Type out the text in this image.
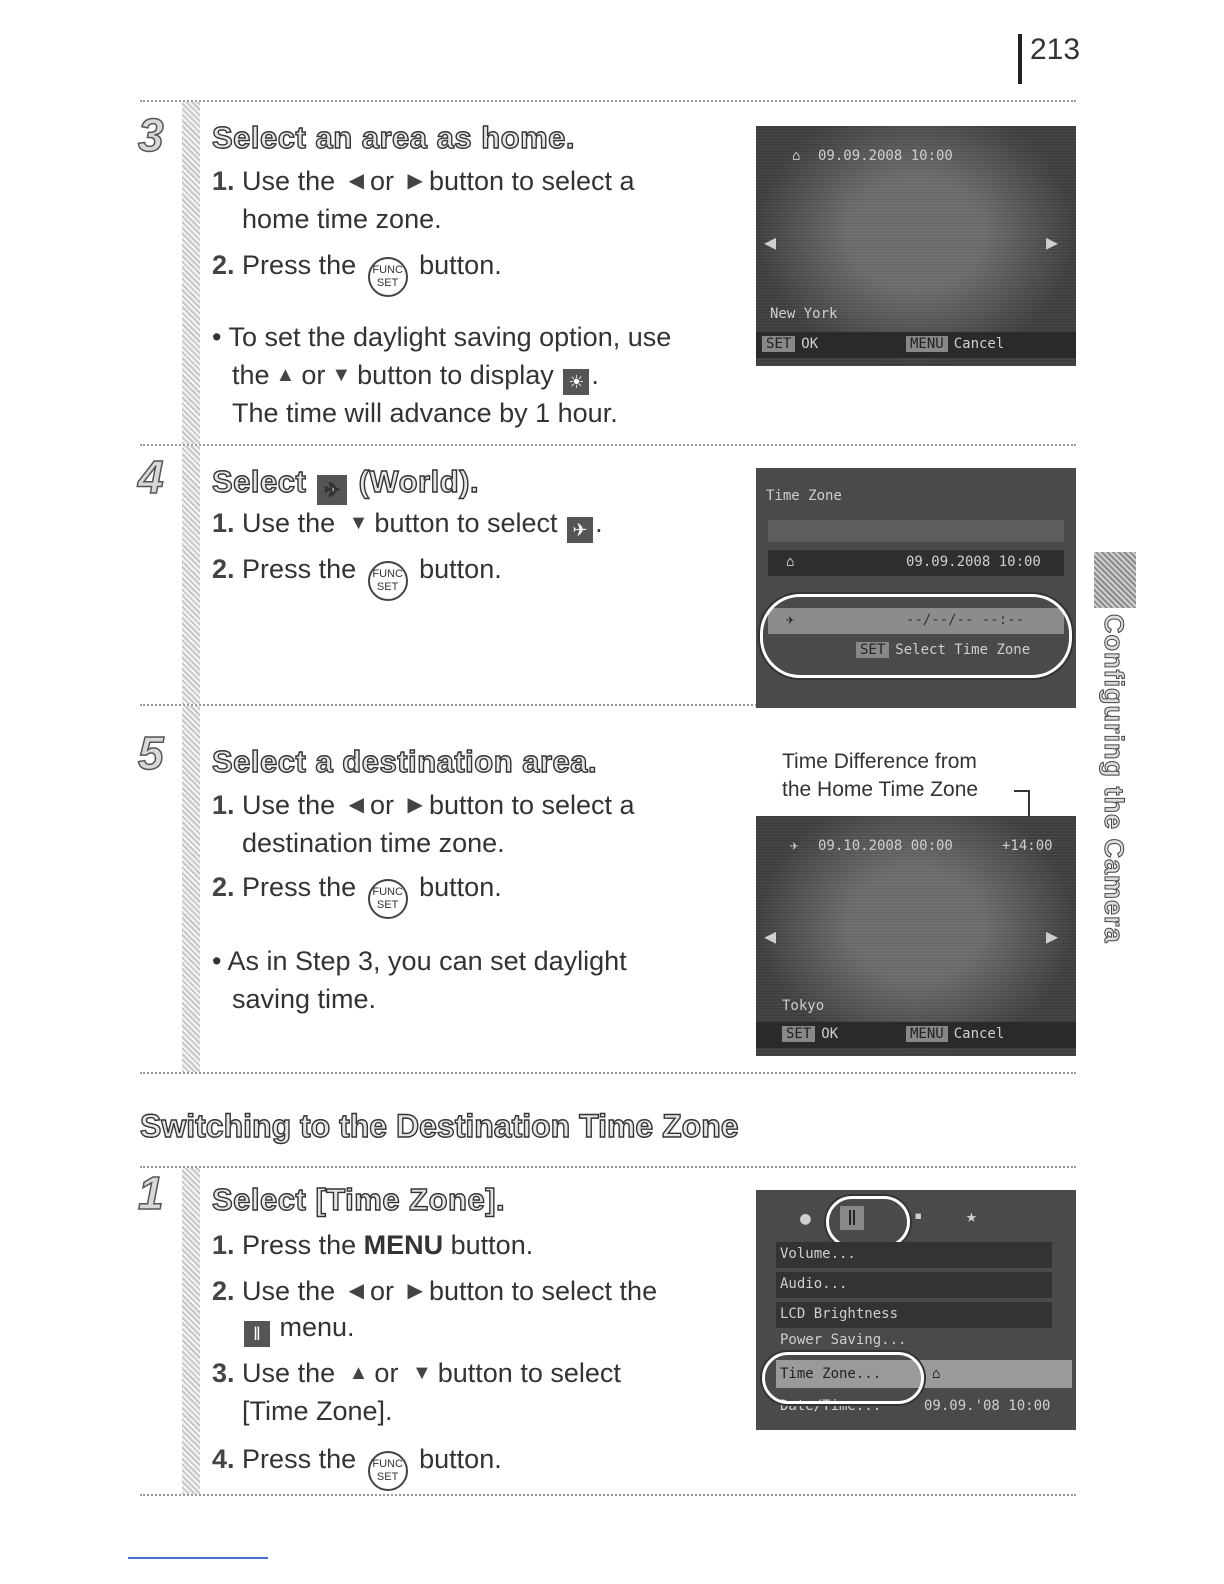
213
3 Select an area as home.
1. Use the ◀ or ▶ button to select a
home time zone.
2. Press the FUNC
SET button.
• To set the daylight saving option, use
the ▲ or ▼ button to display ☀ .
The time will advance by 1 hour.
⌂ 09.09.2008 10:00
◀	▶
New York
SET OK	MENU Cancel
4 Select ✈ (World).
1. Use the ▼ button to select ✈ .
2. Press the FUNC
SET button.
Time Zone
⌂	09.09.2008 10:00
✈	--/--/-- --:--
SET Select Time Zone
5 Select a destination area.
1. Use the ◀ or ▶ button to select a
destination time zone.
2. Press the FUNC
SET button.
• As in Step 3, you can set daylight
saving time.
Time Difference from
the Home Time Zone
✈ 09.10.2008 00:00	+14:00
◀	▶
Tokyo
SET OK	MENU Cancel
Configuring the Camera
Switching to the Destination Time Zone
1 Select [Time Zone].
1. Press the MENU button.
2. Use the ◀ or ▶ button to select the
ǁ menu.
3. Use the ▲ or ▼ button to select
[Time Zone].
4. Press the FUNC
SET button.
●	ǁ	▪ ★
Volume...
Audio...
LCD Brightness
Power Saving...
Time Zone...	⌂
Date/Time...	09.09.'08 10:00
